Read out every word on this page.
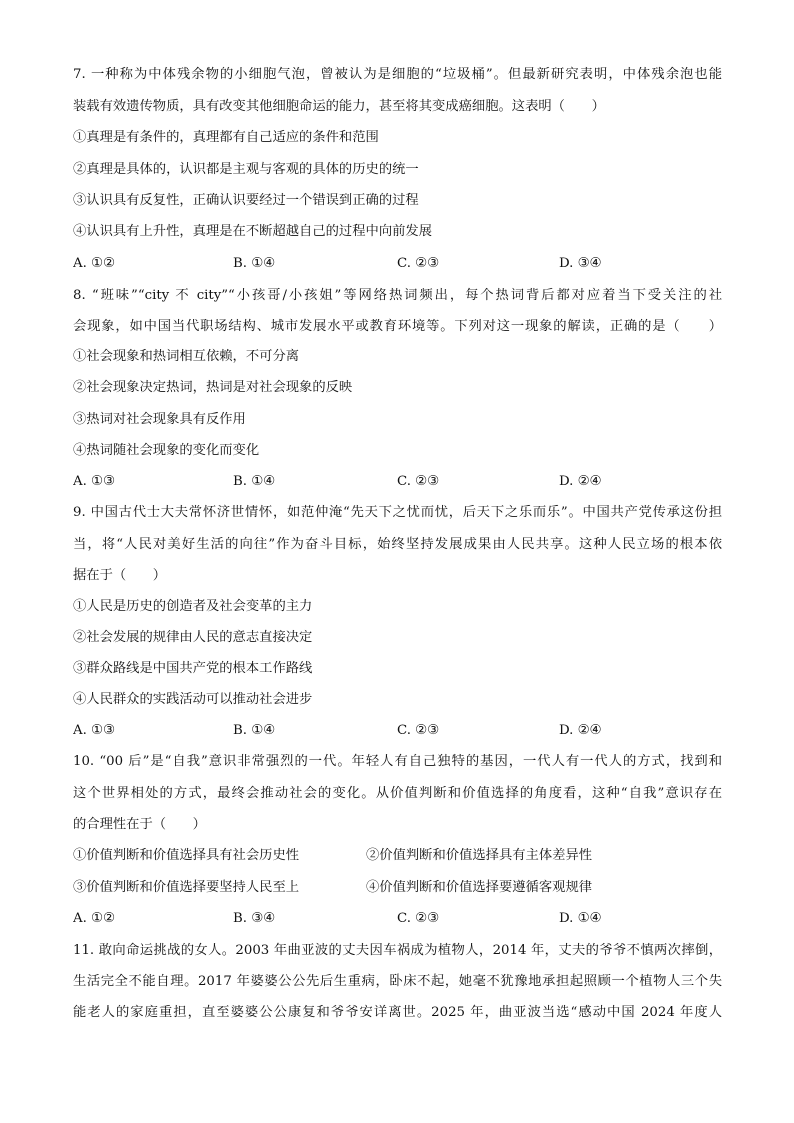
7. 一种称为中体残余物的小细胞气泡，曾被认为是细胞的“垃圾桶”。但最新研究表明，中体残余泡也能
装载有效遗传物质，具有改变其他细胞命运的能力，甚至将其变成癌细胞。这表明（　　）
①真理是有条件的，真理都有自己适应的条件和范围
②真理是具体的，认识都是主观与客观的具体的历史的统一
③认识具有反复性，正确认识要经过一个错误到正确的过程
④认识具有上升性，真理是在不断超越自己的过程中向前发展
A. ①②	B. ①④	C. ②③	D. ③④
8. “班味”“city 不 city”“小孩哥/小孩姐”等网络热词频出，每个热词背后都对应着当下受关注的社
会现象，如中国当代职场结构、城市发展水平或教育环境等。下列对这一现象的解读，正确的是（　　）
①社会现象和热词相互依赖，不可分离
②社会现象决定热词，热词是对社会现象的反映
③热词对社会现象具有反作用
④热词随社会现象的变化而变化
A. ①③	B. ①④	C. ②③	D. ②④
9. 中国古代士大夫常怀济世情怀，如范仲淹“先天下之忧而忧，后天下之乐而乐”。中国共产党传承这份担
当，将“人民对美好生活的向往”作为奋斗目标，始终坚持发展成果由人民共享。这种人民立场的根本依
据在于（　　）
①人民是历史的创造者及社会变革的主力
②社会发展的规律由人民的意志直接决定
③群众路线是中国共产党的根本工作路线
④人民群众的实践活动可以推动社会进步
A. ①③	B. ①④	C. ②③	D. ②④
10. “00 后”是“自我”意识非常强烈的一代。年轻人有自己独特的基因，一代人有一代人的方式，找到和
这个世界相处的方式，最终会推动社会的变化。从价值判断和价值选择的角度看，这种“自我”意识存在
的合理性在于（　　）
①价值判断和价值选择具有社会历史性	②价值判断和价值选择具有主体差异性
③价值判断和价值选择要坚持人民至上	④价值判断和价值选择要遵循客观规律
A. ①②	B. ③④	C. ②③	D. ①④
11. 敢向命运挑战的女人。2003 年曲亚波的丈夫因车祸成为植物人，2014 年，丈夫的爷爷不慎两次摔倒，
生活完全不能自理。2017 年婆婆公公先后生重病，卧床不起，她毫不犹豫地承担起照顾一个植物人三个失
能老人的家庭重担，直至婆婆公公康复和爷爷安详离世。2025 年，曲亚波当选“感动中国 2024 年度人
